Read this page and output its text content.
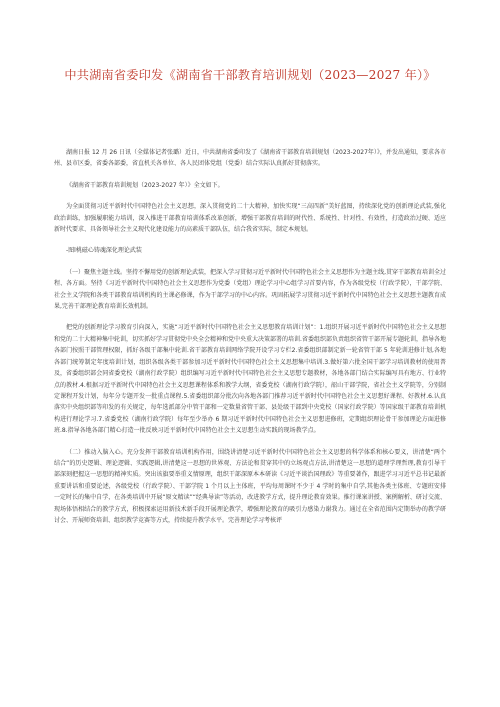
中共湖南省委印发《湖南省干部教育培训规划（2023—2027 年）》

湖南日报 12 月 26 日讯（全媒体记者张璐）近日，中共湖南省委印发了《湖南省干部教育培训规划（2023-2027年）》，并发出通知，要求各市州、县市区委，省委各部委，省直机关各单位、各人民团体党组（党委）结合实际认真抓好贯彻落实。

《湖南省干部教育培训规划（2023-2027 年）》全文如下。

为全面贯彻习近平新时代中国特色社会主义思想，深入贯彻党的二十大精神，加快实现“三高四新”美好蓝图，持续深化党的创新理论武装,强化政治训练，加强履职能力培训，深入推进干部教育培训体系改革创新，增强干部教育培训的时代性、系统性、针对性、有效性，打造政治过硬、适应新时代要求、具备领导社会主义现代化建设能力的高素质干部队伍，结合我省实际，制定本规划。

-图l桃磁心铸魂深化理论武装

（一）聚焦主题主线。坚持不懈用党的创新理论武装，把深入学习贯彻习近平新时代中国特色社会主义思想作为主题主线,贯穿干部教育培训全过程、各方面。坚持《习近平新时代中国特色社会主义思想作为党委（党组）理论学习中心组学习首要内容，作为各级党校（行政学院），干部学院、社会主义学院和各类干部教育培训机构的主课必修课，作为干部学习的中心内容。巩固拓展学习贯彻习近平新时代中国特色社会主义思想主题教育成果,完善干部理论教育培训长效机制。

把党的创新理论学习教育引向深入，实施“习近平新时代中国特色社会主义思想教育培训计划”：1.组织开展习近平新时代中国特色社会主义思想和党的二十大精神集中轮训，切实抓好学习贯彻党中央全会精神和党中央重大决策部署的培训.省委组织部负责组织省管干部开展专题轮训，指导各地各部门按照干部管理权限，抓好各级干部集中轮训.省干部教育培训网络学院开设学习专栏2.省委组织部制定新一轮省管干部 5 年轮训进修计划,各地各部门统筹制定年度培训计划，组织各级各类干部参加习近平新时代中国特色社会主义思想集中培训.3.做好第六批全国干部学习培训教材的使用普及，省委组织部会同省委党校（湖南行政学院）组织编写习近平新时代中国特色社会主义思想专题教材，各地各部门结合实际编写具有地方、行业特点的教材.4.根据习近平新时代中国特色社会主义思想课程体系和教学大纲，省委党校（湖南行政学院），韶山干部学院，省社会主义学院等，分别制定课程开发计划，每年分专题开发一批重点课程.5.省委组织部分批次向各地各部门推荐习近平新时代中国特色社会主义思想好课程、好教材.6.认真落实中央组织部等印发的有关规定，每年选派部分中管干部和一定数量省管干部、县处级干部到中央党校（国家行政学院）等国家级干部教育培训机构进行理论学习.7.省委党校（湖南行政学院）每年至少举办 6 期习近平新时代中国特色社会主义思想进修班，定期组织理论骨干参加理论方面进修班.8.指导各地各部门精心打造一批反映习近平新时代中国特色社会主义思想生动实践的现场教学点。

（二）推动入脑入心。充分发挥干部教育培训机构作用，围绕讲清楚习近平新时代中国特色社会主义思想的科学体系和核心要义，讲清楚“两个结合”的历史逻辑、理论逻辑、实践逻辑,讲清楚这一思想的世界观、方法论和贯穿其中的立场观点方法,讲清楚这一思想的道理学理哲理,教育引导干部深刻把握这一思想的精神实质。突出该旗要举重义情原理，组织干部深原本本研读《习近平谈治国理政》等重要著作，跟进学习习近平总书记最新重要讲话和重要论述，各级党校（行政学院）、干部学院 1 个月以上主体班，平均每周课时不少于 4 学时的集中自学,其他各类主体班、专题班安排一定时长的集中自学，在各类培训中开展“原文精读”“经典导读”等活动，改进教学方式，提升理论教育效果。推行课案讲授、案例解析、研讨交流、现场体悟相结合的教学方式，积极探索运用新技术新手段开展理论教学，增强理论教育的吸引力感染力谢我力。通过在全省范围内定期举办的教学研讨会、开展师资培训、组织教学竞赛等方式，持续提升教学水平。完善理论学习考核评
